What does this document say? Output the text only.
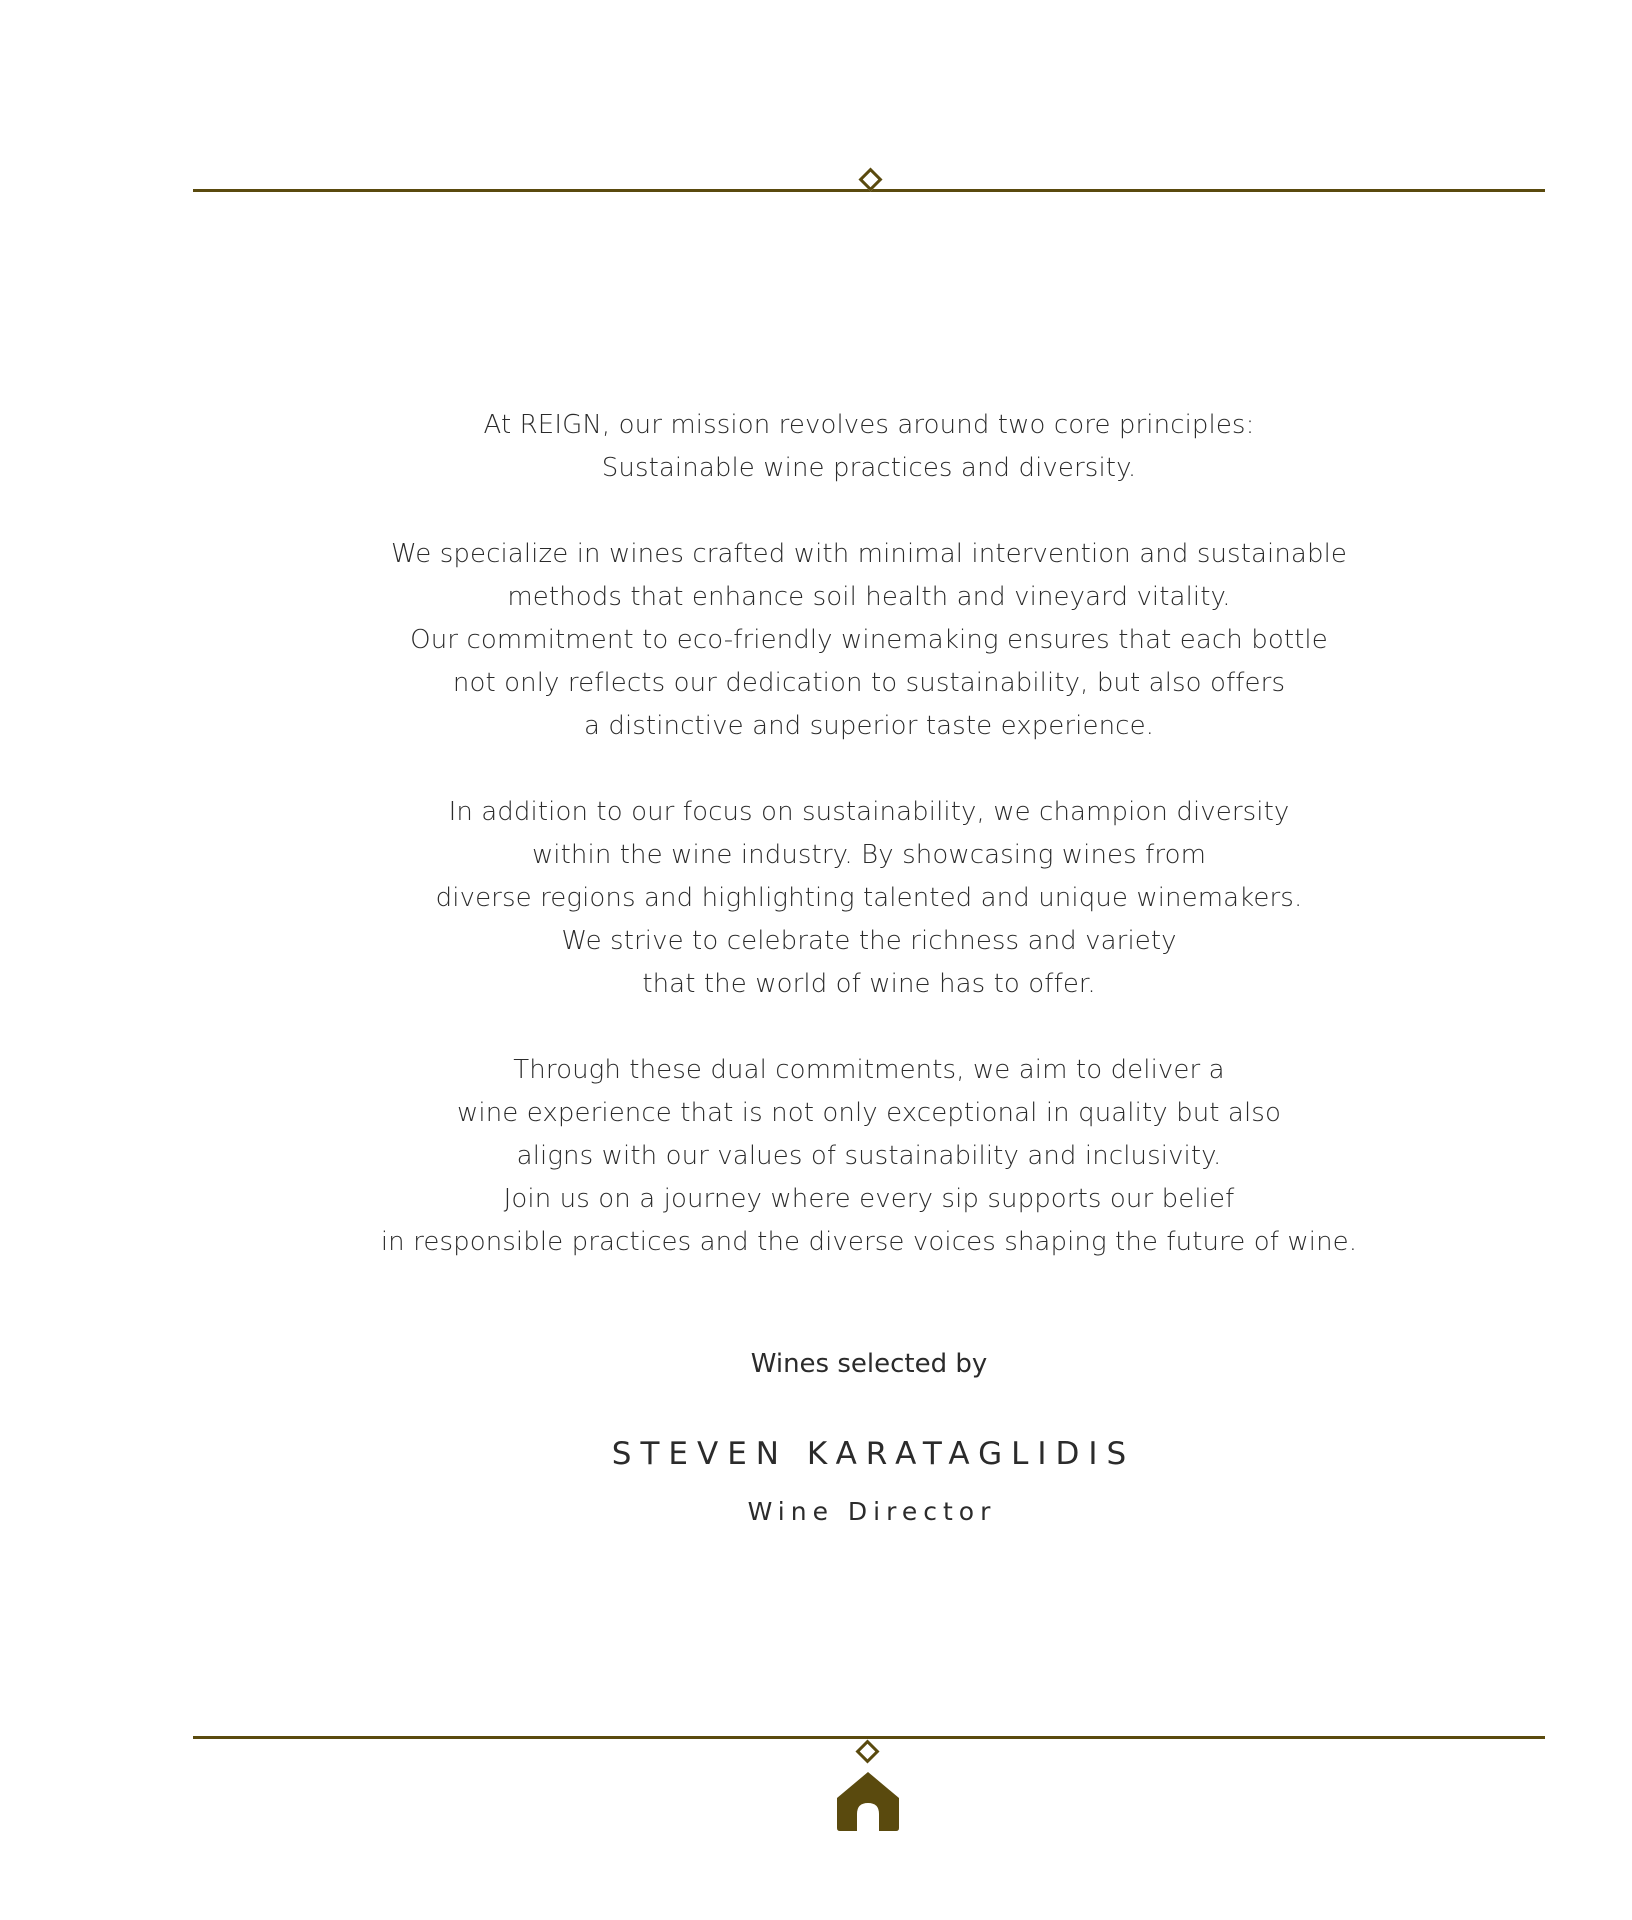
At REIGN, our mission revolves around two core principles:
Sustainable wine practices and diversity.

We specialize in wines crafted with minimal intervention and sustainable
methods that enhance soil health and vineyard vitality.
Our commitment to eco-friendly winemaking ensures that each bottle
not only reflects our dedication to sustainability, but also offers
a distinctive and superior taste experience.

In addition to our focus on sustainability, we champion diversity
within the wine industry. By showcasing wines from
diverse regions and highlighting talented and unique winemakers.
We strive to celebrate the richness and variety
that the world of wine has to offer.

Through these dual commitments, we aim to deliver a
wine experience that is not only exceptional in quality but also
aligns with our values of sustainability and inclusivity.
Join us on a journey where every sip supports our belief
in responsible practices and the diverse voices shaping the future of wine.

Wines selected by
STEVEN KARATAGLIDIS
Wine Director
